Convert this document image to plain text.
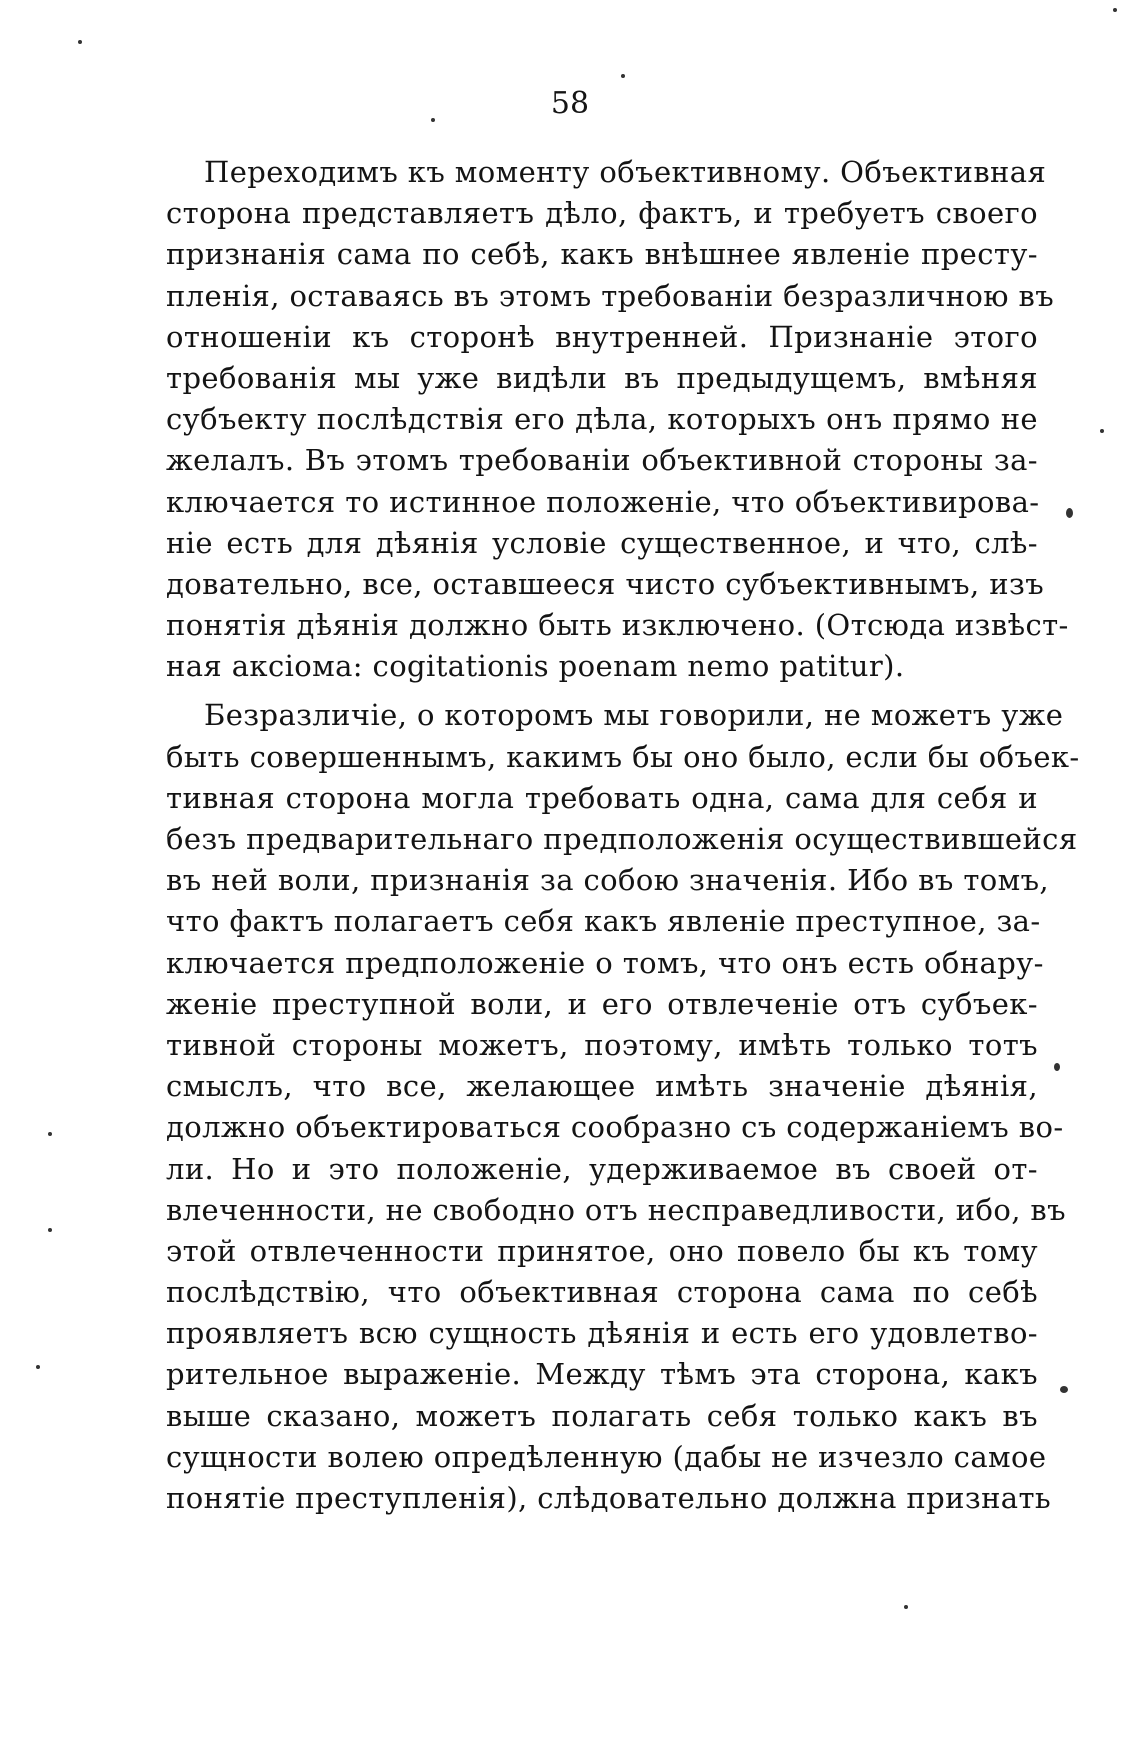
58
Переходимъ къ моменту объективному. Объективная
сторона представляетъ дѣло, фактъ, и требуетъ своего
признанія сама по себѣ, какъ внѣшнее явленіе престу-
пленія, оставаясь въ этомъ требованіи безразличною въ
отношеніи къ сторонѣ внутренней. Признаніе этого
требованія мы уже видѣли въ предыдущемъ, вмѣняя
субъекту послѣдствія его дѣла, которыхъ онъ прямо не
желалъ. Въ этомъ требованіи объективной стороны за-
ключается то истинное положеніе, что объективирова-
ніе есть для дѣянія условіе существенное, и что, слѣ-
довательно, все, оставшееся чисто субъективнымъ, изъ
понятія дѣянія должно быть изключено. (Отсюда извѣст-
ная аксіома: cogitationis poenam nemo patitur).
Безразличіе, о которомъ мы говорили, не можетъ уже
быть совершеннымъ, какимъ бы оно было, если бы объек-
тивная сторона могла требовать одна, сама для себя и
безъ предварительнаго предположенія осуществившейся
въ ней воли, признанія за собою значенія. Ибо въ томъ,
что фактъ полагаетъ себя какъ явленіе преступное, за-
ключается предположеніе о томъ, что онъ есть обнару-
женіе преступной воли, и его отвлеченіе отъ субъек-
тивной стороны можетъ, поэтому, имѣть только тотъ
смыслъ, что все, желающее имѣть значеніе дѣянія,
должно объектироваться сообразно съ содержаніемъ во-
ли. Но и это положеніе, удерживаемое въ своей от-
влеченности, не свободно отъ несправедливости, ибо, въ
этой отвлеченности принятое, оно повело бы къ тому
послѣдствію, что объективная сторона сама по себѣ
проявляетъ всю сущность дѣянія и есть его удовлетво-
рительное выраженіе. Между тѣмъ эта сторона, какъ
выше сказано, можетъ полагать себя только какъ въ
сущности волею опредѣленную (дабы не изчезло самое
понятіе преступленія), слѣдовательно должна признать
